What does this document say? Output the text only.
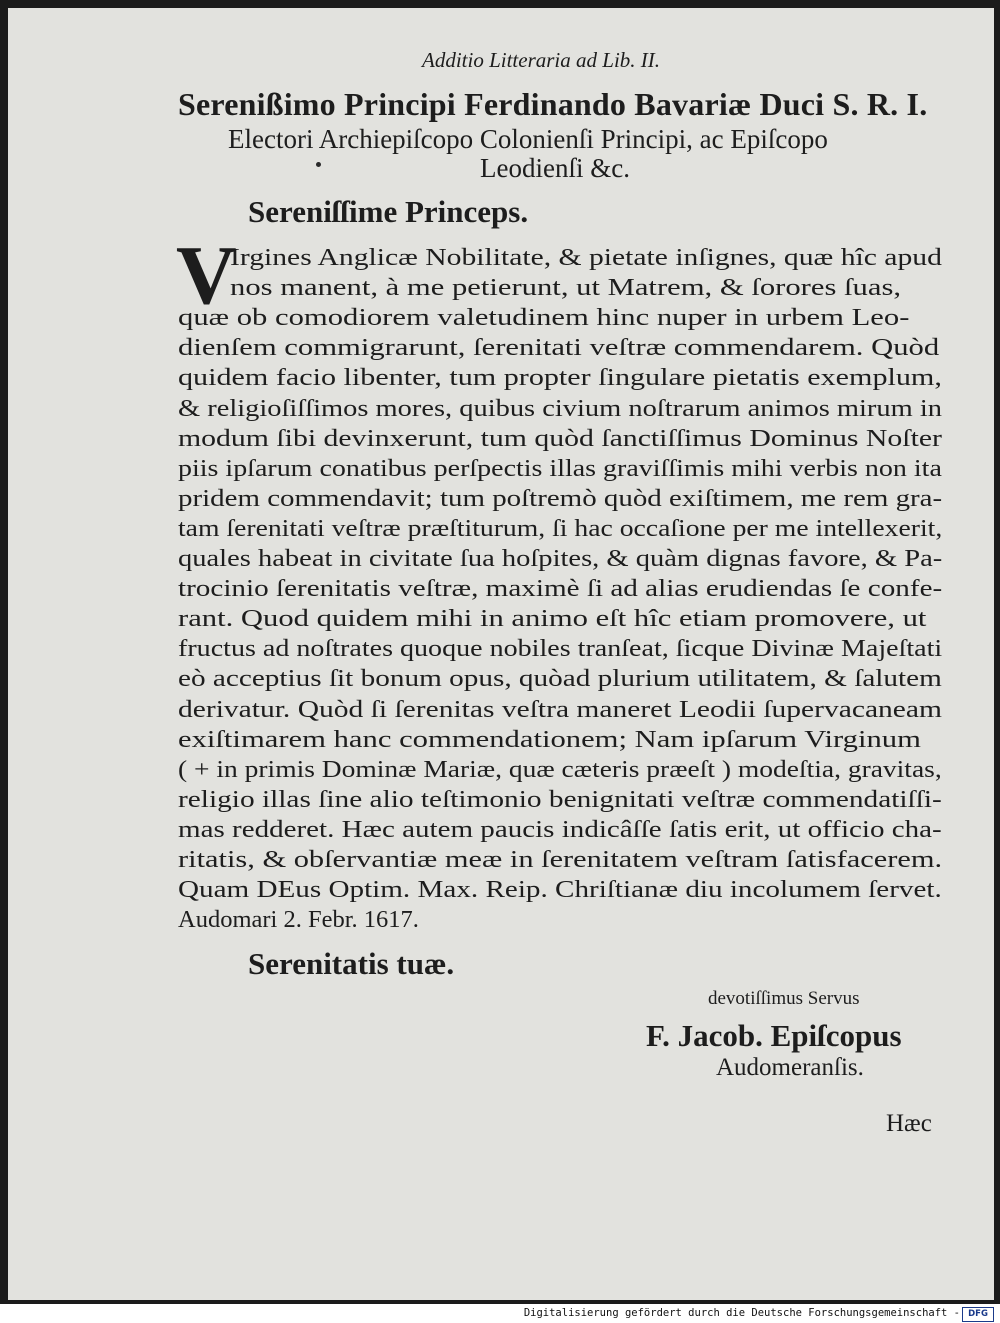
Additio Litteraria ad Lib. II.

Serenißimo Principi Ferdinando Bavariæ Duci S. R. I.

Electori Archiepiſcopo Colonienſi Principi, ac Epiſcopo

Leodienſi &c.

Sereniſſime Princeps.

V

Irgines Anglicæ Nobilitate, & pietate inſignes, quæ hîc apud

nos manent, à me petierunt, ut Matrem, & ſorores ſuas,

quæ ob comodiorem valetudinem hinc nuper in urbem Leo-

dienſem commigrarunt, ſerenitati veſtræ commendarem. Quòd

quidem facio libenter, tum propter ſingulare pietatis exemplum,

& religioſiſſimos mores, quibus civium noſtrarum animos mirum in

modum ſibi devinxerunt, tum quòd ſanctiſſimus Dominus Noſter

piis ipſarum conatibus perſpectis illas graviſſimis mihi verbis non ita

pridem commendavit; tum poſtremò quòd exiſtimem, me rem gra-

tam ſerenitati veſtræ præſtiturum, ſi hac occaſione per me intellexerit,

quales habeat in civitate ſua hoſpites, & quàm dignas favore, & Pa-

trocinio ſerenitatis veſtræ, maximè ſi ad alias erudiendas ſe confe-

rant. Quod quidem mihi in animo eſt hîc etiam promovere, ut

fructus ad noſtrates quoque nobiles tranſeat, ſicque Divinæ Majeſtati

eò acceptius ſit bonum opus, quòad plurium utilitatem, & ſalutem

derivatur. Quòd ſi ſerenitas veſtra maneret Leodii ſupervacaneam

exiſtimarem hanc commendationem; Nam ipſarum Virginum

( + in primis Dominæ Mariæ, quæ cæteris præeſt ) modeſtia, gravitas,

religio illas ſine alio teſtimonio benignitati veſtræ commendatiſſi-

mas redderet. Hæc autem paucis indicâſſe ſatis erit, ut officio cha-

ritatis, & obſervantiæ meæ in ſerenitatem veſtram ſatisfacerem.

Quam DEus Optim. Max. Reip. Chriſtianæ diu incolumem ſervet.

Audomari 2. Febr. 1617.

Serenitatis tuæ.

devotiſſimus Servus

F. Jacob. Epiſcopus

Audomeranſis.

Hæc

Digitalisierung gefördert durch die Deutsche Forschungsgemeinschaft - DFG
